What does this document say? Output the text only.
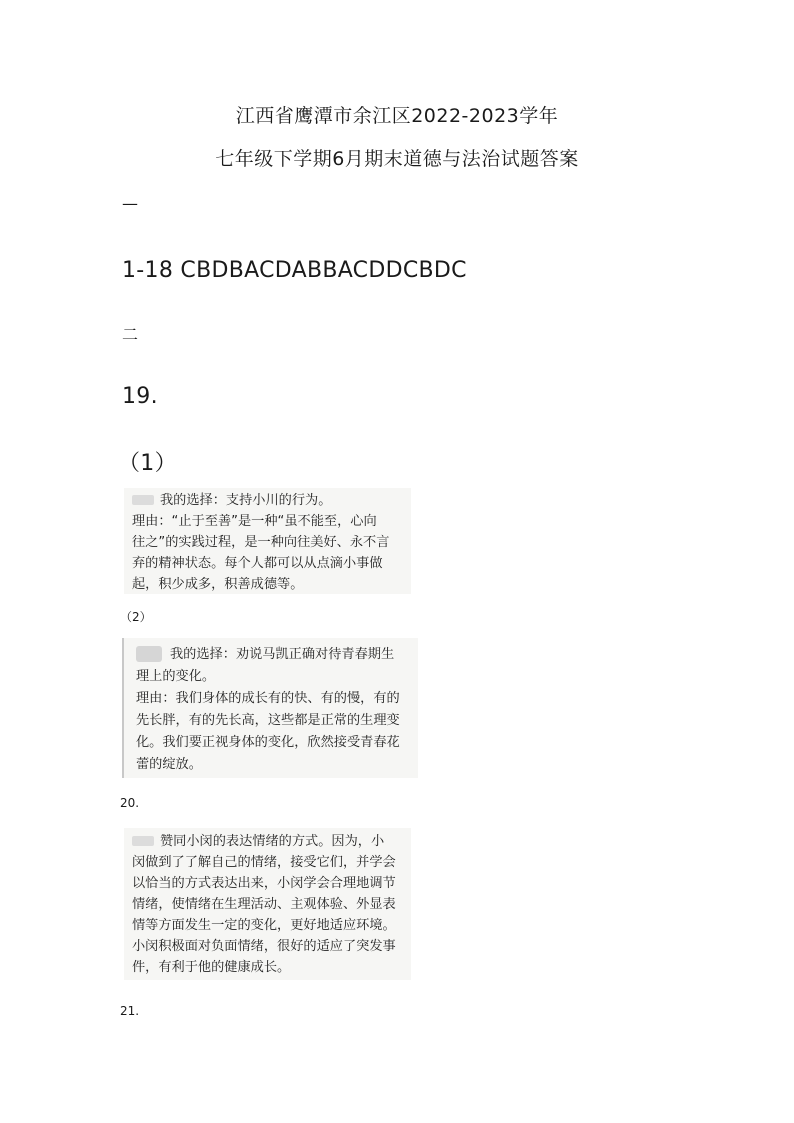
江西省鹰潭市余江区2022-2023学年
七年级下学期6月期末道德与法治试题答案
—
1-18 CBDBACDABBACDDCBDC
二
19.
（1）

我的选择：支持小川的行为。

理由：“止于至善”是一种“虽不能至，心向

往之”的实践过程，是一种向往美好、永不言

弃的精神状态。每个人都可以从点滴小事做

起，积少成多，积善成德等。

（2）

我的选择：劝说马凯正确对待青春期生

理上的变化。

理由：我们身体的成长有的快、有的慢，有的

先长胖，有的先长高，这些都是正常的生理变

化。我们要正视身体的变化，欣然接受青春花

蕾的绽放。

20.

赞同小闵的表达情绪的方式。因为，小

闵做到了了解自己的情绪，接受它们，并学会

以恰当的方式表达出来，小闵学会合理地调节

情绪，使情绪在生理活动、主观体验、外显表

情等方面发生一定的变化，更好地适应环境。

小闵积极面对负面情绪，很好的适应了突发事

件，有利于他的健康成长。

21.
